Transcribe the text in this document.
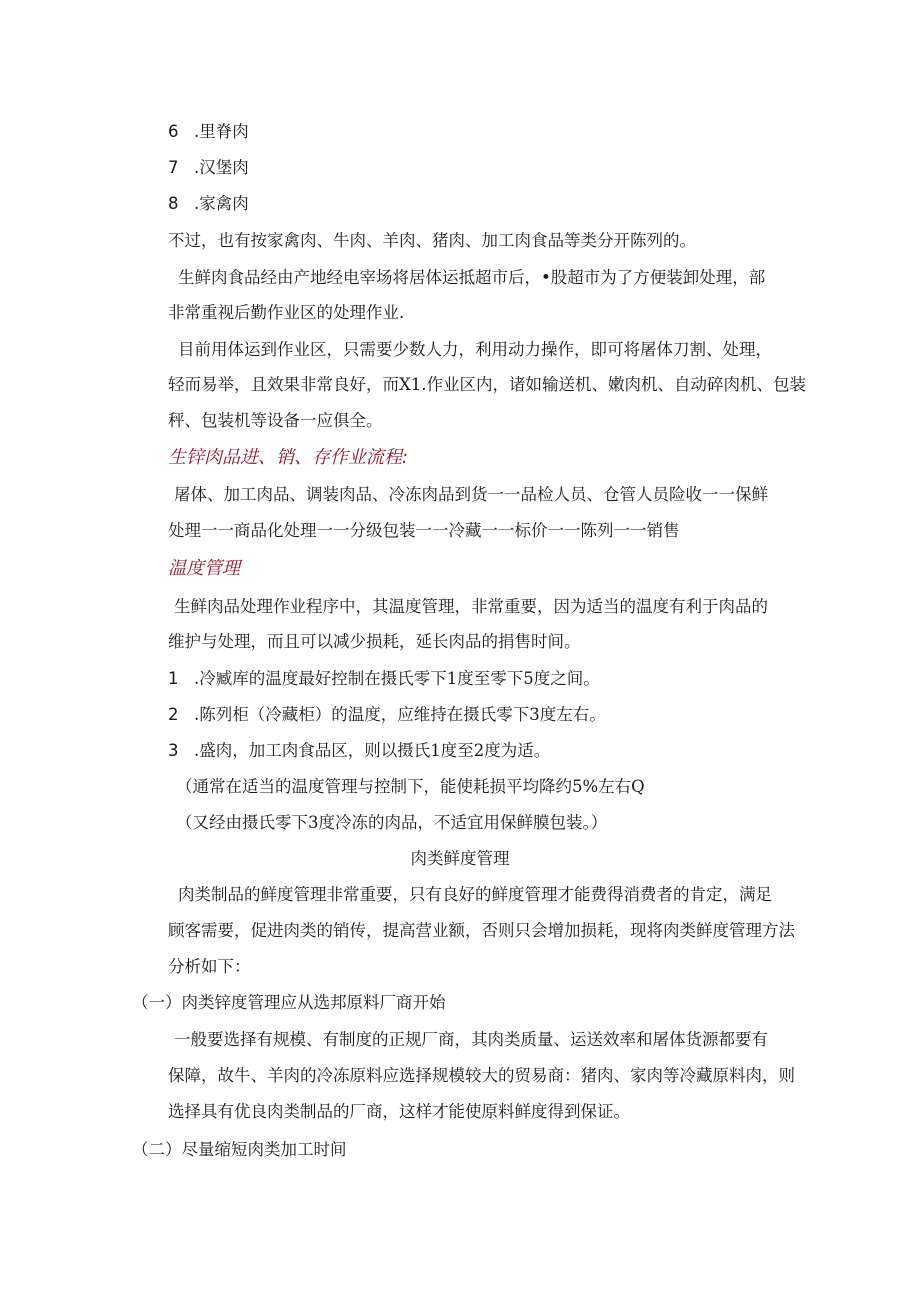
6 .里脊肉

7 .汉堡肉

8 .家禽肉

不过，也有按家禽肉、牛肉、羊肉、猪肉、加工肉食品等类分开陈列的。

生鲜肉食品经由产地经电宰场将居体运抵超市后，•股超市为了方便装卸处理，部

非常重视后勤作业区的处理作业.

目前用体运到作业区，只需要少数人力，利用动力操作，即可将屠体刀割、处理，

轻而易举，且效果非常良好，而X1.作业区内，诸如输送机、嫩肉机、自动碎肉机、包装

秤、包装机等设备一应俱全。

生锌肉品进、销、存作业流程:

屠体、加工肉品、调装肉品、冷冻肉品到货一一品检人员、仓管人员险收一一保鲜

处理一一商品化处理一一分级包装一一冷藏一一标价一一陈列一一销售

温度管理

生鲜肉品处理作业程序中，其温度管理，非常重要，因为适当的温度有利于肉品的

维护与处理，而且可以减少损耗，延长肉品的捐售时间。

1 .冷臧库的温度最好控制在摄氏零下1度至零下5度之间。

2 .陈列柜（冷藏柜）的温度，应维持在摄氏零下3度左右。

3 .盛肉，加工肉食品区，则以摄氏1度至2度为适。

（通常在适当的温度管理与控制下，能使耗损平均降约5%左右Q

（又经由摄氏零下3度冷冻的肉品，不适宜用保鲜膜包装。）

肉类鲜度管理

肉类制品的鲜度管理非常重要，只有良好的鲜度管理才能费得消费者的肯定，满足

顾客需要，促进肉类的销传，提高营业额，否则只会增加损耗，现将肉类鲜度管理方法

分析如下：

（一）肉类锌度管理应从选邦原料厂商开始

一般要选择有规模、有制度的正规厂商，其肉类质量、运送效率和屠体货源都要有

保障，故牛、羊肉的冷冻原料应选择规模较大的贸易商：猪肉、家肉等冷藏原料肉，则

选择具有优良肉类制品的厂商，这样才能使原料鲜度得到保证。

（二）尽量缩短肉类加工时间
